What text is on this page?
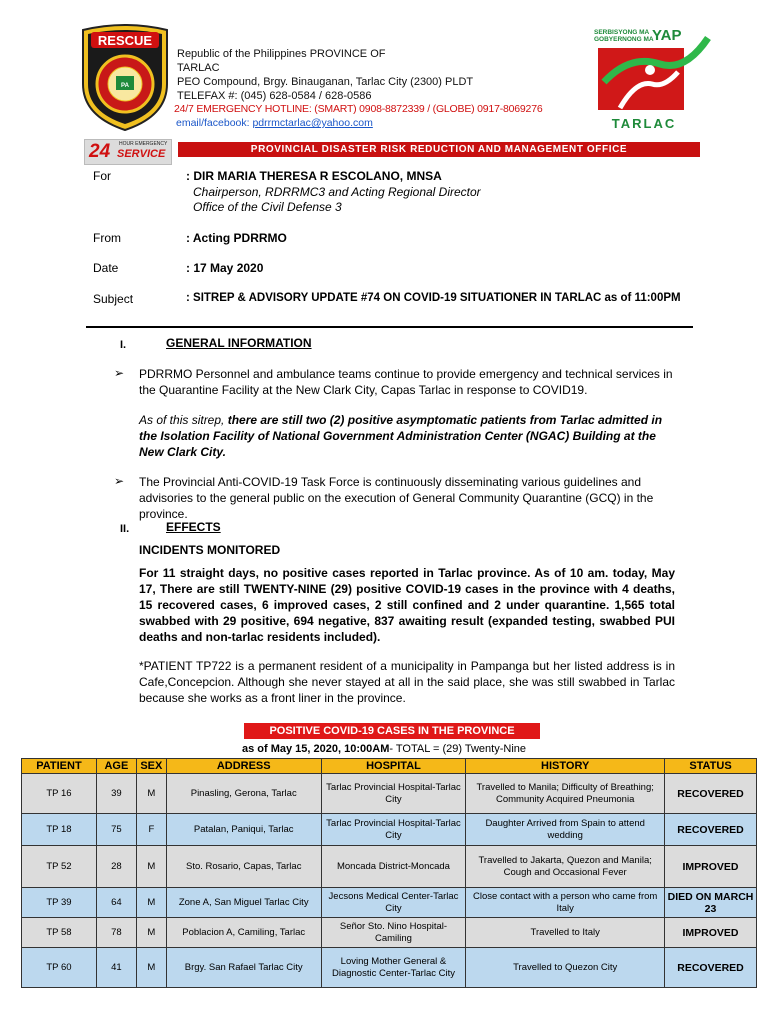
RESCUE
PA
Republic of the Philippines PROVINCE OF
TARLAC
PEO Compound, Brgy. Binauganan, Tarlac City (2300) PLDT
TELEFAX #: (045) 628-0584 / 628-0586
24/7 EMERGENCY HOTLINE: (SMART) 0908-8872339 / (GLOBE) 0917-8069276
email/facebook: pdrrmctarlac@yahoo.com
SERBISYONG MA
GOBYERNONG MA
YAP
TARLAC
24 HOUR EMERGENCY
SERVICE	PROVINCIAL DISASTER RISK REDUCTION AND MANAGEMENT OFFICE
For	: DIR MARIA THERESA R ESCOLANO, MNSA
Chairperson, RDRRMC3 and Acting Regional Director
Office of the Civil Defense 3
From	: Acting PDRRMO
Date	: 17 May 2020
Subject	: SITREP & ADVISORY UPDATE #74 ON COVID-19 SITUATIONER IN TARLAC as of 11:00PM
I.	GENERAL INFORMATION
➢ PDRRMO Personnel and ambulance teams continue to provide emergency and technical services in the Quarantine Facility at the New Clark City, Capas Tarlac in response to COVID19.
As of this sitrep, there are still two (2) positive asymptomatic patients from Tarlac admitted in the Isolation Facility of National Government Administration Center (NGAC) Building at the New Clark City.
➢ The Provincial Anti-COVID-19 Task Force is continuously disseminating various guidelines and advisories to the general public on the execution of General Community Quarantine (GCQ) in the province.
II.	EFFECTS
INCIDENTS MONITORED
For 11 straight days, no positive cases reported in Tarlac province. As of 10 am. today, May 17, There are still TWENTY-NINE (29) positive COVID-19 cases in the province with 4 deaths, 15 recovered cases, 6 improved cases, 2 still confined and 2 under quarantine. 1,565 total swabbed with 29 positive, 694 negative, 837 awaiting result (expanded testing, swabbed PUI deaths and non-tarlac residents included).
*PATIENT TP722 is a permanent resident of a municipality in Pampanga but her listed address is in Cafe,Concepcion. Although she never stayed at all in the said place, she was still swabbed in Tarlac because she works as a front liner in the province.
POSITIVE COVID-19 CASES IN THE PROVINCE
as of May 15, 2020, 10:00AM- TOTAL = (29) Twenty-Nine
PATIENT	AGE	SEX	ADDRESS	HOSPITAL	HISTORY	STATUS
TP 16	39	M	Pinasling, Gerona, Tarlac	Tarlac Provincial Hospital-Tarlac City	Travelled to Manila; Difficulty of Breathing; Community Acquired Pneumonia	RECOVERED
TP 18	75	F	Patalan, Paniqui, Tarlac	Tarlac Provincial Hospital-Tarlac City	Daughter Arrived from Spain to attend wedding	RECOVERED
TP 52	28	M	Sto. Rosario, Capas, Tarlac	Moncada District-Moncada	Travelled to Jakarta, Quezon and Manila; Cough and Occasional Fever	IMPROVED
TP 39	64	M	Zone A, San Miguel Tarlac City	Jecsons Medical Center-Tarlac City	Close contact with a person who came from Italy	DIED ON MARCH 23
TP 58	78	M	Poblacion A, Camiling, Tarlac	Señor Sto. Nino Hospital-Camiling	Travelled to Italy	IMPROVED
TP 60	41	M	Brgy. San Rafael Tarlac City	Loving Mother General & Diagnostic Center-Tarlac City	Travelled to Quezon City	RECOVERED
